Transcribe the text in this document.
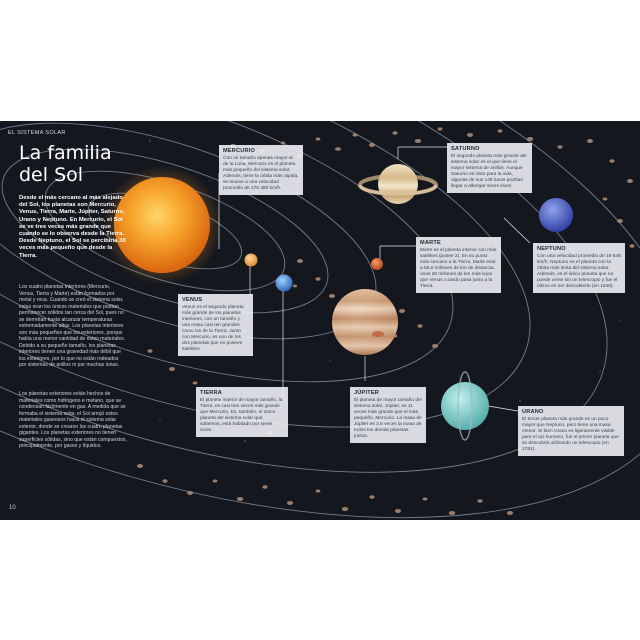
EL SISTEMA SOLAR
La familia
del Sol
Desde el más cercano al más alejado del Sol, los planetas son Mercurio, Venus, Tierra, Marte, Júpiter, Saturno, Urano y Neptuno. En Mercurio, el Sol se ve tres veces más grande que cuando se lo observa desde la Tierra. Desde Neptuno, el Sol se percibiría 30 veces más pequeño que desde la Tierra.
Los cuatro planetas interiores (Mercurio, Venus, Tierra y Marte) están formados por metal y roca. Cuando se creó el sistema solar, estas eran los únicos materiales que podían permanecer sólidos tan cerca del Sol, pues no se derretían hasta alcanzar temperaturas extremadamente altas. Los planetas interiores son más pequeños que los exteriores, porque había una menor cantidad de estos materiales. Debido a su pequeño tamaño, los planetas interiores tienen una gravedad más débil que los exteriores, por lo que no están rodeados por sistemas de anillos ni por muchas lunas.
Los planetas exteriores están hechos de materiales como hidrógeno e metano, que se condensan fácilmente en gas. A medida que se formaba el sistema solar, el Sol arrojó estos materiales gaseosos hacia el sistema solar exterior, donde se crearon los cuatro planetas gigantes. Los planetas exteriores no tienen superficies sólidas, sino que están compuestos, principalmente, por gases y líquidos.
10
MERCURIO
Con un tamaño apenas mayor al de la Luna, Mercurio es el planeta más pequeño del sistema solar. Además, tiene la órbita más rápida, se mueve a una velocidad promedio de 170 480 km/h.
VENUS
Venus es el segundo planeta más grande de los planetas interiores, con un tamaño y una masa casi tan grandes como los de la Tierra. Junto con Mercurio, es uno de los dos planetas que no poseen satélites.
TIERRA
El planeta interior de mayor tamaño, la Tierra, es casi tres veces más grande que Mercurio. Es, también, el único planeta del sistema solar que, sabemos, está habitado por seres vivos.
MARTE
Marte es el planeta interior con más satélites (posee 2). En su punto más cercano a la Tierra, Marte está a 55,6 millones de km de distancia, unos 20 millones de km más lejos que Venus cuando pasa junto a la Tierra.
JÚPITER
El planeta de mayor tamaño del sistema solar, Júpiter, es 11 veces más grande que el más pequeño, Mercurio. La masa de Júpiter es 2,5 veces la masa de todos los demás planetas juntos.
SATURNO
El segundo planeta más grande del sistema solar es el que tiene el mayor sistema de anillos. Aunque Saturno es visto para la vida, algunas de sus 146 lunas podrían llegar a albergar seres vivos.
URANO
El tercer planeta más grande es un poco mayor que Neptuno, pero tiene una masa menor. Si bien Urano es ligeramente visible para el ojo humano, fue el primer planeta que se descubrió utilizando un telescopio (en 1781).
NEPTUNO
Con una velocidad promedio de 19 548 km/h, Neptuno es el planeta con la órbita más lenta del sistema solar. Además, es el único planeta que no puede verse sin un telescopio y fue el último en ser descubierto (en 1846).
